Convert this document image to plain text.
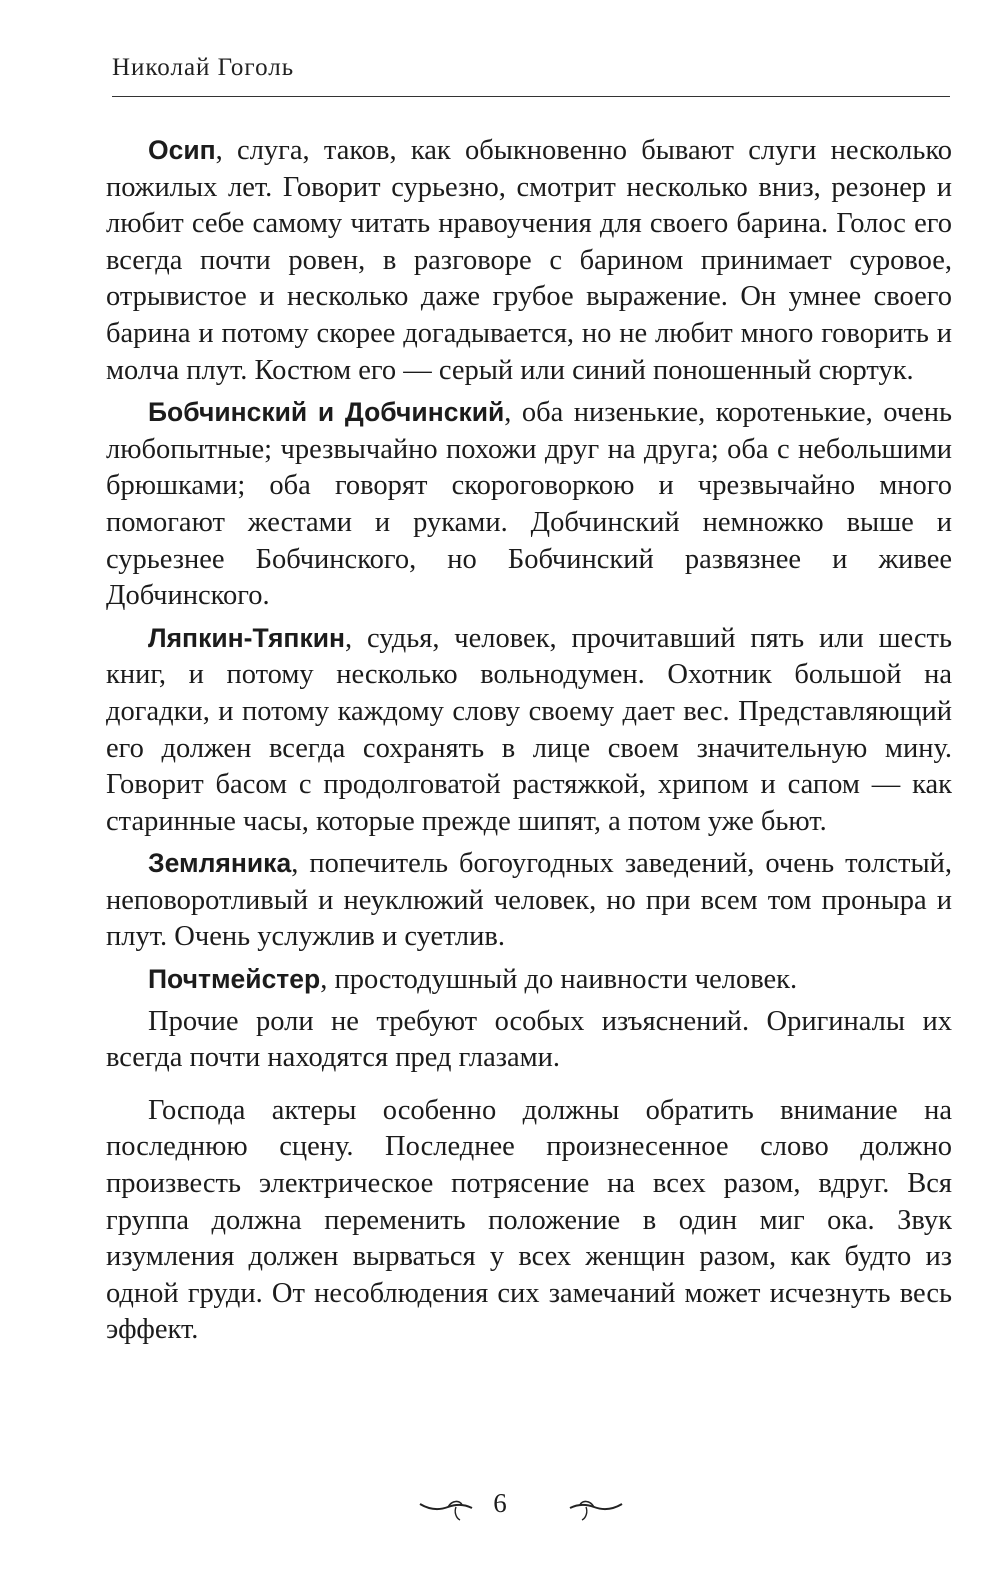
Николай Гоголь

Осип, слуга, таков, как обыкновенно бывают слуги несколько пожилых лет. Говорит сурьезно, смотрит несколько вниз, резонер и любит себе самому читать нравоучения для своего барина. Голос его всегда почти ровен, в разговоре с барином принимает суровое, отрывистое и несколько даже грубое выражение. Он умнее своего барина и потому скорее догадывается, но не любит много говорить и молча плут. Костюм его — серый или синий поношенный сюртук.

Бобчинский и Добчинский, оба низенькие, коротенькие, очень любопытные; чрезвычайно похожи друг на друга; оба с небольшими брюшками; оба говорят скороговоркою и чрезвычайно много помогают жестами и руками. Добчинский немножко выше и сурьезнее Бобчинского, но Бобчинский развязнее и живее Добчинского.

Ляпкин-Тяпкин, судья, человек, прочитавший пять или шесть книг, и потому несколько вольнодумен. Охотник большой на догадки, и потому каждому слову своему дает вес. Представляющий его должен всегда сохранять в лице своем значительную мину. Говорит басом с продолговатой растяжкой, хрипом и сапом — как старинные часы, которые прежде шипят, а потом уже бьют.

Земляника, попечитель богоугодных заведений, очень толстый, неповоротливый и неуклюжий человек, но при всем том проныра и плут. Очень услужлив и суетлив.

Почтмейстер, простодушный до наивности человек.

Прочие роли не требуют особых изъяснений. Оригиналы их всегда почти находятся пред глазами.

Господа актеры особенно должны обратить внимание на последнюю сцену. Последнее произнесенное слово должно произвесть электрическое потрясение на всех разом, вдруг. Вся группа должна переменить положение в один миг ока. Звук изумления должен вырваться у всех женщин разом, как будто из одной груди. От несоблюдения сих замечаний может исчезнуть весь эффект.

6
